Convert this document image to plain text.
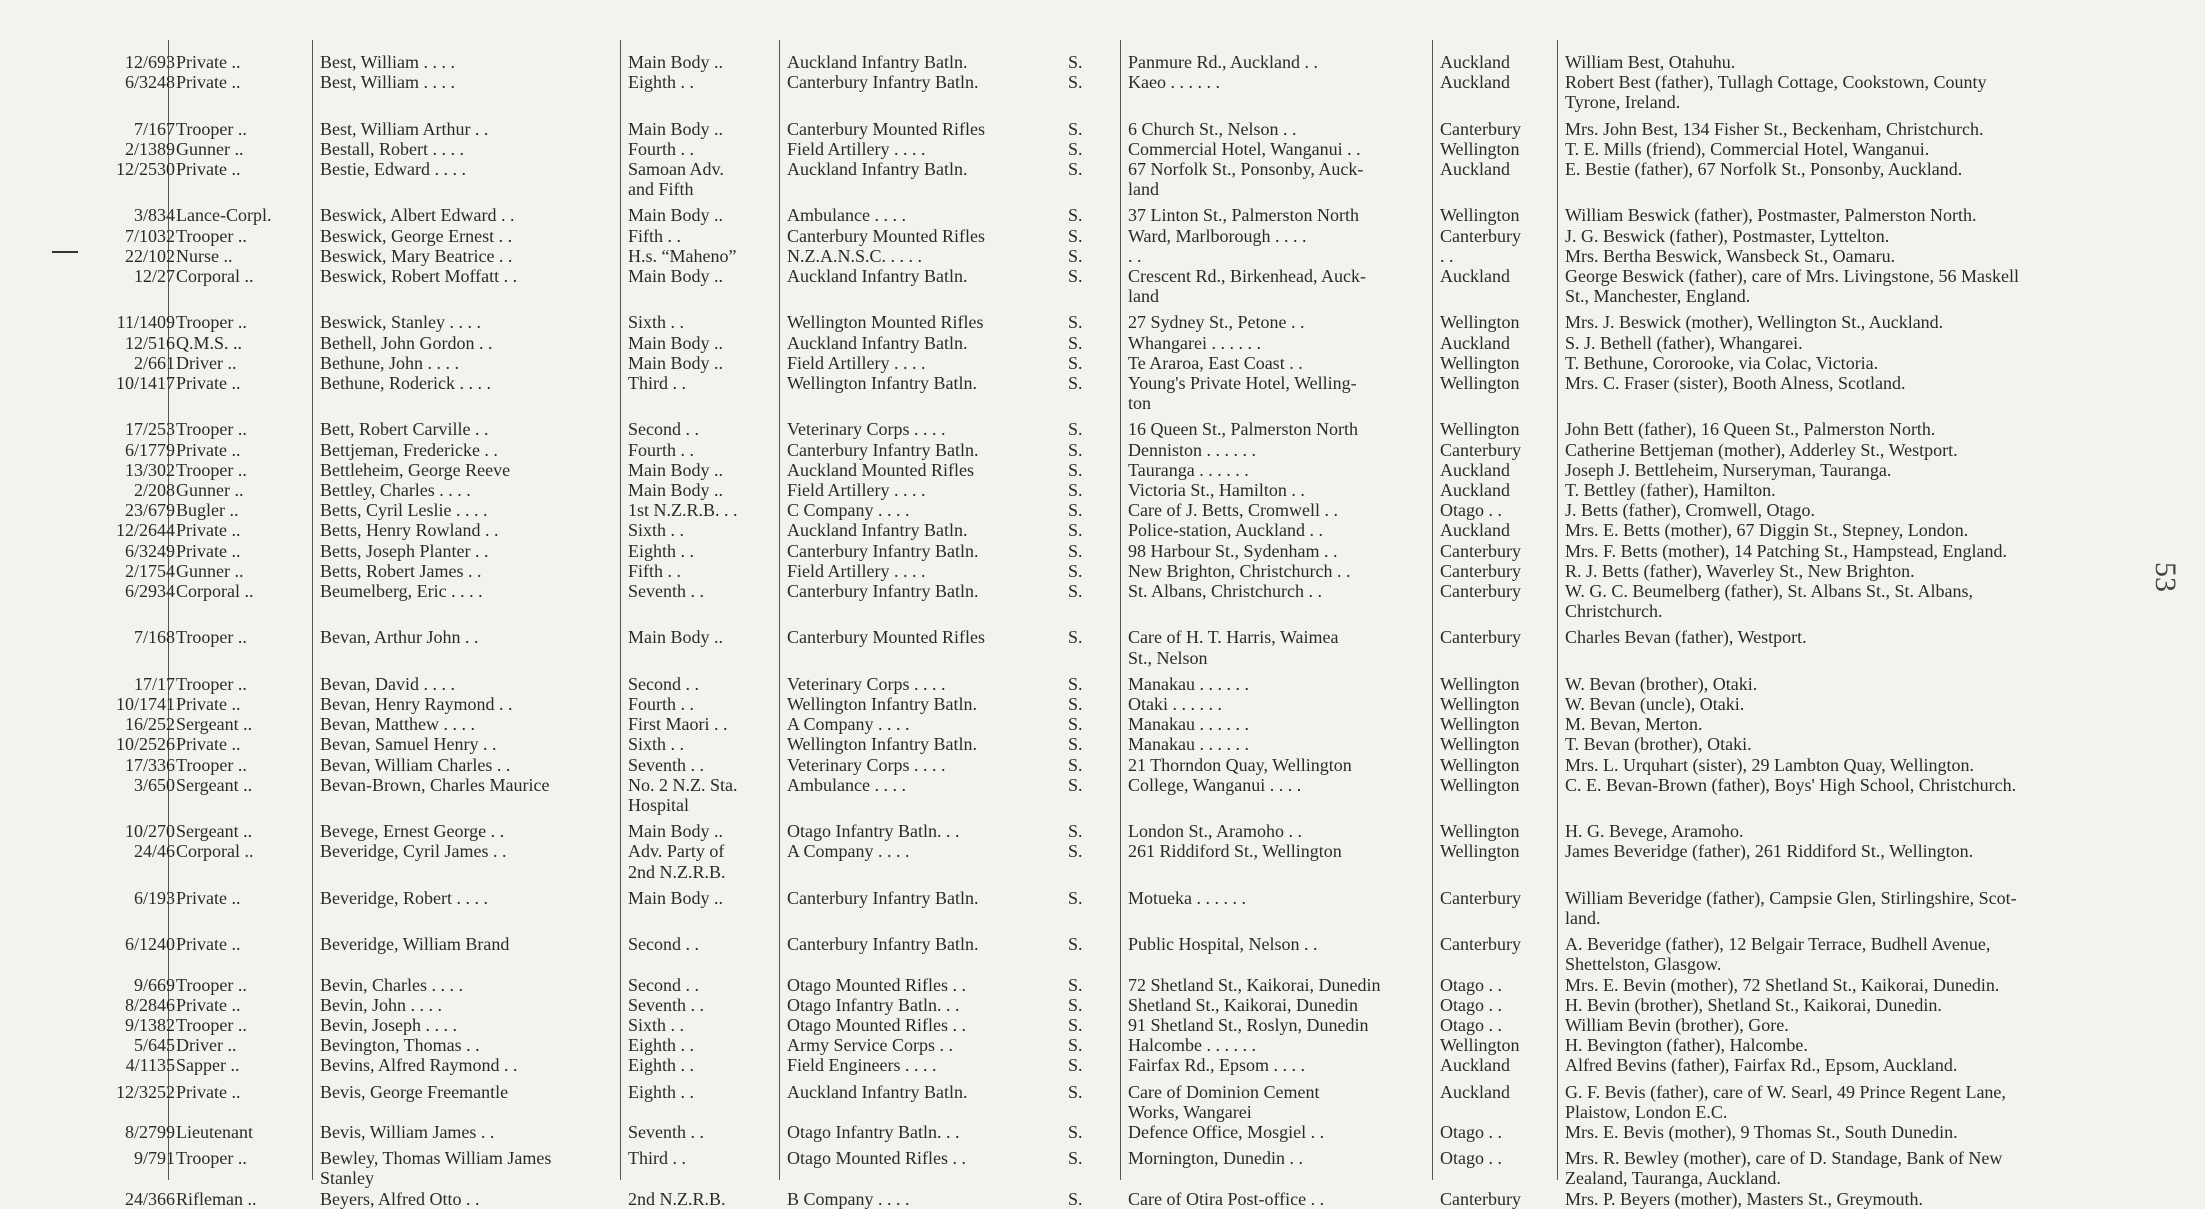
12/693 Private ..	Best, William . . . .	Main Body ..	Auckland Infantry Batln.	S.	Panmure Rd., Auckland . .	Auckland	William Best, Otahuhu.
6/3248 Private ..	Best, William . . . .	Eighth . .	Canterbury Infantry Batln.	S.	Kaeo . . . . . .	Auckland	Robert Best (father), Tullagh Cottage, Cookstown, County
Tyrone, Ireland.
7/167 Trooper ..	Best, William Arthur . .	Main Body ..	Canterbury Mounted Rifles	S.	6 Church St., Nelson . .	Canterbury Mrs. John Best, 134 Fisher St., Beckenham, Christchurch.
2/1389 Gunner ..	Bestall, Robert . . . .	Fourth . .	Field Artillery . . . .	S.	Commercial Hotel, Wanganui . .	Wellington	T. E. Mills (friend), Commercial Hotel, Wanganui.
12/2530 Private ..	Bestie, Edward . . . .	Samoan Adv.	Auckland Infantry Batln.	S.	67 Norfolk St., Ponsonby, Auck-	Auckland	E. Bestie (father), 67 Norfolk St., Ponsonby, Auckland.
and Fifth	land
3/834 Lance-Corpl.	Beswick, Albert Edward . .	Main Body ..	Ambulance . . . .	S.	37 Linton St., Palmerston North	Wellington	William Beswick (father), Postmaster, Palmerston North.
7/1032 Trooper ..	Beswick, George Ernest . .	Fifth . .	Canterbury Mounted Rifles	S.	Ward, Marlborough . . . .	Canterbury J. G. Beswick (father), Postmaster, Lyttelton.
22/102 Nurse ..	Beswick, Mary Beatrice . .	H.s. “Maheno”	N.Z.A.N.S.C. . . . .	S.	. .	. .	Mrs. Bertha Beswick, Wansbeck St., Oamaru.
12/27 Corporal ..	Beswick, Robert Moffatt . .	Main Body ..	Auckland Infantry Batln.	S.	Crescent Rd., Birkenhead, Auck-	Auckland	George Beswick (father), care of Mrs. Livingstone, 56 Maskell
land	St., Manchester, England.
11/1409 Trooper ..	Beswick, Stanley . . . .	Sixth . .	Wellington Mounted Rifles	S.	27 Sydney St., Petone . .	Wellington	Mrs. J. Beswick (mother), Wellington St., Auckland.
12/516 Q.M.S. ..	Bethell, John Gordon . .	Main Body ..	Auckland Infantry Batln.	S.	Whangarei . . . . . .	Auckland	S. J. Bethell (father), Whangarei.
2/661 Driver ..	Bethune, John . . . .	Main Body ..	Field Artillery . . . .	S.	Te Araroa, East Coast . .	Wellington	T. Bethune, Cororooke, via Colac, Victoria.
10/1417 Private ..	Bethune, Roderick . . . .	Third . .	Wellington Infantry Batln.	S.	Young's Private Hotel, Welling-	Wellington	Mrs. C. Fraser (sister), Booth Alness, Scotland.
ton
17/253 Trooper ..	Bett, Robert Carville . .	Second . .	Veterinary Corps . . . .	S.	16 Queen St., Palmerston North	Wellington	John Bett (father), 16 Queen St., Palmerston North.
6/1779 Private ..	Bettjeman, Fredericke . .	Fourth . .	Canterbury Infantry Batln.	S.	Denniston . . . . . .	Canterbury Catherine Bettjeman (mother), Adderley St., Westport.
13/302 Trooper ..	Bettleheim, George Reeve	Main Body ..	Auckland Mounted Rifles	S.	Tauranga . . . . . .	Auckland	Joseph J. Bettleheim, Nurseryman, Tauranga.
2/208 Gunner ..	Bettley, Charles . . . .	Main Body ..	Field Artillery . . . .	S.	Victoria St., Hamilton . .	Auckland	T. Bettley (father), Hamilton.
23/679 Bugler ..	Betts, Cyril Leslie . . . .	1st N.Z.R.B. . .	C Company . . . .	S.	Care of J. Betts, Cromwell . .	Otago . .	J. Betts (father), Cromwell, Otago.
12/2644 Private ..	Betts, Henry Rowland . .	Sixth . .	Auckland Infantry Batln.	S.	Police-station, Auckland . .	Auckland	Mrs. E. Betts (mother), 67 Diggin St., Stepney, London.
6/3249 Private ..	Betts, Joseph Planter . .	Eighth . .	Canterbury Infantry Batln.	S.	98 Harbour St., Sydenham . .	Canterbury Mrs. F. Betts (mother), 14 Patching St., Hampstead, England.
2/1754 Gunner ..	Betts, Robert James . .	Fifth . .	Field Artillery . . . .	S.	New Brighton, Christchurch . .	Canterbury R. J. Betts (father), Waverley St., New Brighton.
6/2934 Corporal ..	Beumelberg, Eric . . . .	Seventh . .	Canterbury Infantry Batln.	S.	St. Albans, Christchurch . .	Canterbury W. G. C. Beumelberg (father), St. Albans St., St. Albans,
Christchurch.
7/168 Trooper ..	Bevan, Arthur John . .	Main Body ..	Canterbury Mounted Rifles	S.	Care of H. T. Harris, Waimea	Canterbury Charles Bevan (father), Westport.
St., Nelson
17/17 Trooper ..	Bevan, David . . . .	Second . .	Veterinary Corps . . . .	S.	Manakau . . . . . .	Wellington	W. Bevan (brother), Otaki.
10/1741 Private ..	Bevan, Henry Raymond . .	Fourth . .	Wellington Infantry Batln.	S.	Otaki . . . . . .	Wellington	W. Bevan (uncle), Otaki.
16/252 Sergeant ..	Bevan, Matthew . . . .	First Maori . .	A Company . . . .	S.	Manakau . . . . . .	Wellington	M. Bevan, Merton.
10/2526 Private ..	Bevan, Samuel Henry . .	Sixth . .	Wellington Infantry Batln.	S.	Manakau . . . . . .	Wellington	T. Bevan (brother), Otaki.
17/336 Trooper ..	Bevan, William Charles . .	Seventh . .	Veterinary Corps . . . .	S.	21 Thorndon Quay, Wellington	Wellington	Mrs. L. Urquhart (sister), 29 Lambton Quay, Wellington.
3/650 Sergeant ..	Bevan-Brown, Charles Maurice	No. 2 N.Z. Sta.	Ambulance . . . .	S.	College, Wanganui . . . .	Wellington	C. E. Bevan-Brown (father), Boys' High School, Christchurch.
Hospital
10/270 Sergeant ..	Bevege, Ernest George . .	Main Body ..	Otago Infantry Batln. . .	S.	London St., Aramoho . .	Wellington	H. G. Bevege, Aramoho.
24/46 Corporal ..	Beveridge, Cyril James . .	Adv. Party of	A Company . . . .	S.	261 Riddiford St., Wellington	Wellington	James Beveridge (father), 261 Riddiford St., Wellington.
2nd N.Z.R.B.
6/193 Private ..	Beveridge, Robert . . . .	Main Body ..	Canterbury Infantry Batln.	S.	Motueka . . . . . .	Canterbury William Beveridge (father), Campsie Glen, Stirlingshire, Scot-
land.
6/1240 Private ..	Beveridge, William Brand	Second . .	Canterbury Infantry Batln.	S.	Public Hospital, Nelson . .	Canterbury A. Beveridge (father), 12 Belgair Terrace, Budhell Avenue,
Shettelston, Glasgow.
9/669 Trooper ..	Bevin, Charles . . . .	Second . .	Otago Mounted Rifles . .	S.	72 Shetland St., Kaikorai, Dunedin	Otago . .	Mrs. E. Bevin (mother), 72 Shetland St., Kaikorai, Dunedin.
8/2846 Private ..	Bevin, John . . . .	Seventh . .	Otago Infantry Batln. . .	S.	Shetland St., Kaikorai, Dunedin	Otago . .	H. Bevin (brother), Shetland St., Kaikorai, Dunedin.
9/1382 Trooper ..	Bevin, Joseph . . . .	Sixth . .	Otago Mounted Rifles . .	S.	91 Shetland St., Roslyn, Dunedin	Otago . .	William Bevin (brother), Gore.
5/645 Driver ..	Bevington, Thomas . .	Eighth . .	Army Service Corps . .	S.	Halcombe . . . . . .	Wellington	H. Bevington (father), Halcombe.
4/1135 Sapper ..	Bevins, Alfred Raymond . .	Eighth . .	Field Engineers . . . .	S.	Fairfax Rd., Epsom . . . .	Auckland	Alfred Bevins (father), Fairfax Rd., Epsom, Auckland.
12/3252 Private ..	Bevis, George Freemantle	Eighth . .	Auckland Infantry Batln.	S.	Care of Dominion Cement	Auckland	G. F. Bevis (father), care of W. Searl, 49 Prince Regent Lane,
Works, Wangarei	Plaistow, London E.C.
8/2799 Lieutenant	Bevis, William James . .	Seventh . .	Otago Infantry Batln. . .	S.	Defence Office, Mosgiel . .	Otago . .	Mrs. E. Bevis (mother), 9 Thomas St., South Dunedin.
9/791 Trooper ..	Bewley, Thomas William James	Third . .	Otago Mounted Rifles . .	S.	Mornington, Dunedin . .	Otago . .	Mrs. R. Bewley (mother), care of D. Standage, Bank of New
Stanley	Zealand, Tauranga, Auckland.
24/366 Rifleman ..	Beyers, Alfred Otto . .	2nd N.Z.R.B.	B Company . . . .	S.	Care of Otira Post-office . .	Canterbury Mrs. P. Beyers (mother), Masters St., Greymouth.
53
